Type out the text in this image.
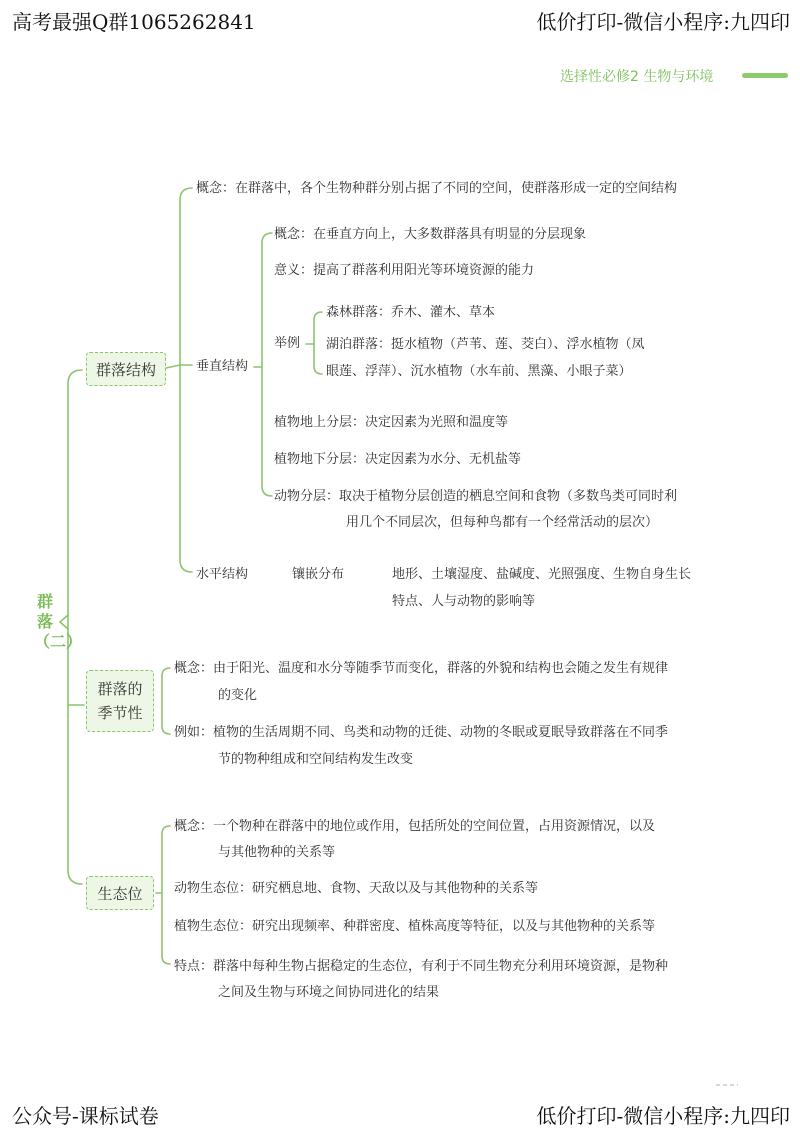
高考最强Q群1065262841	低价打印-微信小程序:九四印
公众号-课标试卷	低价打印-微信小程序:九四印
选择性必修2 生物与环境
群落（二）
群落结构
概念：在群落中，各个生物种群分别占据了不同的空间，使群落形成一定的空间结构
垂直结构
概念：在垂直方向上，大多数群落具有明显的分层现象
意义：提高了群落利用阳光等环境资源的能力
举例
森林群落：乔木、灌木、草本
湖泊群落：挺水植物（芦苇、莲、茭白）、浮水植物（凤
眼莲、浮萍）、沉水植物（水车前、黑藻、小眼子菜）
植物地上分层：决定因素为光照和温度等
植物地下分层：决定因素为水分、无机盐等
动物分层：取决于植物分层创造的栖息空间和食物（多数鸟类可同时利
用几个不同层次，但每种鸟都有一个经常活动的层次）
水平结构	镶嵌分布	地形、土壤湿度、盐碱度、光照强度、生物自身生长
特点、人与动物的影响等
群落的
季节性
概念：由于阳光、温度和水分等随季节而变化，群落的外貌和结构也会随之发生有规律
的变化
例如：植物的生活周期不同、鸟类和动物的迁徙、动物的冬眠或夏眠导致群落在不同季
节的物种组成和空间结构发生改变
生态位
概念：一个物种在群落中的地位或作用，包括所处的空间位置，占用资源情况，以及
与其他物种的关系等
动物生态位：研究栖息地、食物、天敌以及与其他物种的关系等
植物生态位：研究出现频率、种群密度、植株高度等特征，以及与其他物种的关系等
特点：群落中每种生物占据稳定的生态位，有利于不同生物充分利用环境资源，是物种
之间及生物与环境之间协同进化的结果
